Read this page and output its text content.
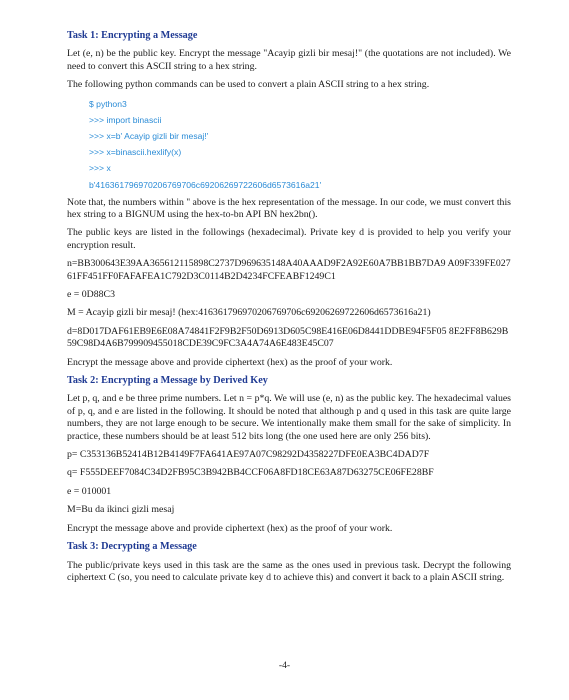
Task 1: Encrypting a Message

Let (e, n) be the public key. Encrypt the message "Acayip gizli bir mesaj!" (the quotations are not included). We need to convert this ASCII string to a hex string.

The following python commands can be used to convert a plain ASCII string to a hex string.

$ python3
>>> import binascii
>>> x=b' Acayip gizli bir mesaj!'
>>> x=binascii.hexlify(x)
>>> x
b'416361796970206769706c69206269722606d6573616a21'

Note that, the numbers within '' above is the hex representation of the message. In our code, we must convert this hex string to a BIGNUM using the hex-to-bn API BN hex2bn().

The public keys are listed in the followings (hexadecimal). Private key d is provided to help you verify your encryption result.

n=BB300643E39AA365612115898C2737D969635148A40AAAD9F2A92E60A7BB1BB7DA9 A09F339FE02761FF451FF0FAFAFEA1C792D3C0114B2D4234FCFEABF1249C1
e = 0D88C3
M = Acayip gizli bir mesaj! (hex:416361796970206769706c69206269722606d6573616a21)
d=8D017DAF61EB9E6E08A74841F2F9B2F50D6913D605C98E416E06D8441DDBE94F5F05 8E2FF8B629B59C98D4A6B799909455018CDE39C9FC3A4A74A6E483E45C07

Encrypt the message above and provide ciphertext (hex) as the proof of your work.

Task 2: Encrypting a Message by Derived Key

Let p, q, and e be three prime numbers. Let n = p*q. We will use (e, n) as the public key. The hexadecimal values of p, q, and e are listed in the following. It should be noted that although p and q used in this task are quite large numbers, they are not large enough to be secure. We intentionally make them small for the sake of simplicity. In practice, these numbers should be at least 512 bits long (the one used here are only 256 bits).

p= C353136B52414B12B4149F7FA641AE97A07C98292D4358227DFE0EA3BC4DAD7F
q= F555DEEF7084C34D2FB95C3B942BB4CCF06A8FD18CE63A87D63275CE06FE28BF
e = 010001
M=Bu da ikinci gizli mesaj

Encrypt the message above and provide ciphertext (hex) as the proof of your work.

Task 3: Decrypting a Message

The public/private keys used in this task are the same as the ones used in previous task. Decrypt the following ciphertext C (so, you need to calculate private key d to achieve this) and convert it back to a plain ASCII string.

-4-
